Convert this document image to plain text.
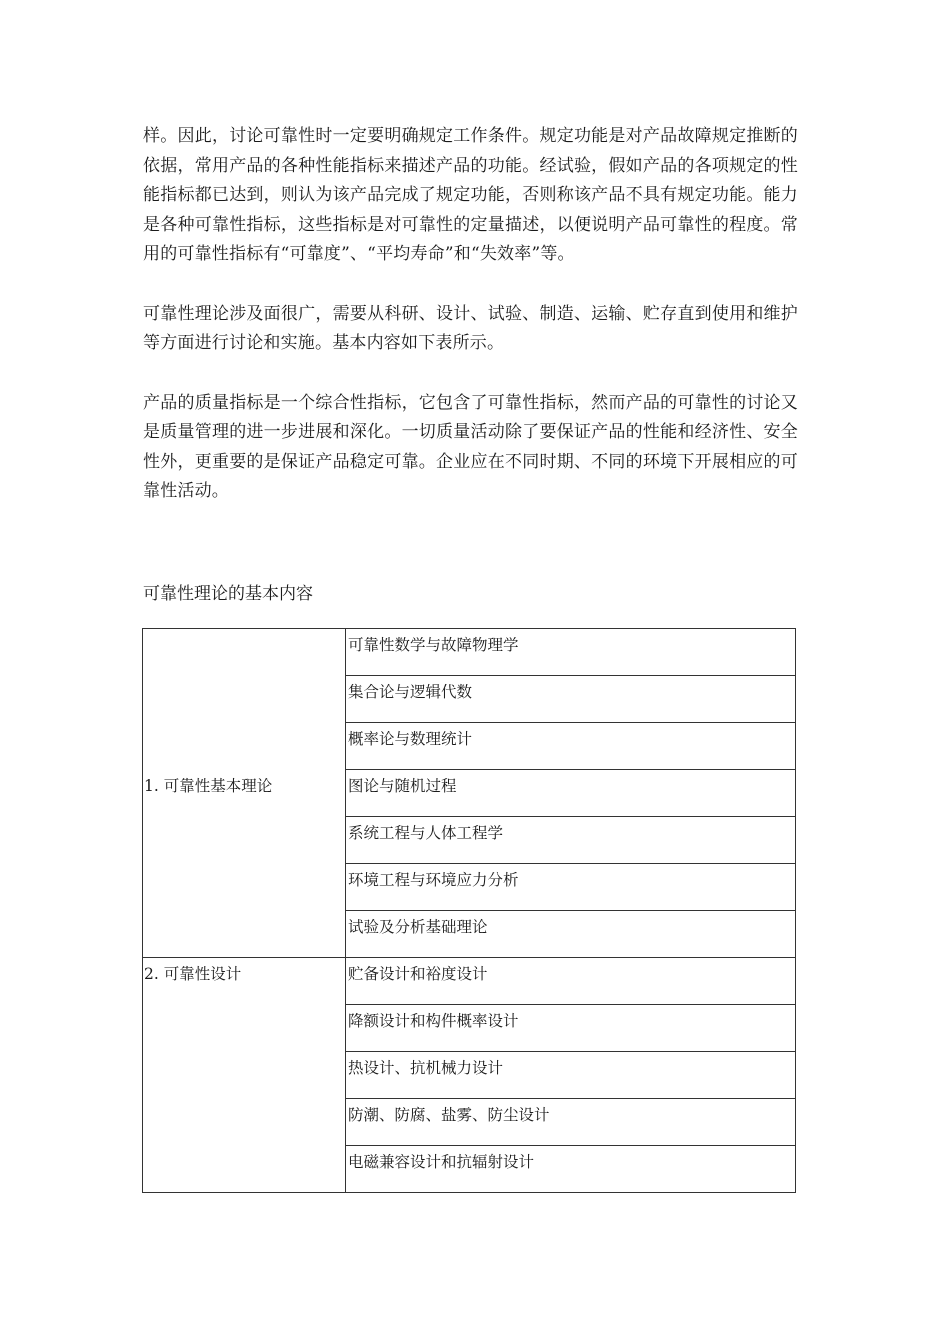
样。因此，讨论可靠性时一定要明确规定工作条件。规定功能是对产品故障规定推断的依据，常用产品的各种性能指标来描述产品的功能。经试验，假如产品的各项规定的性能指标都已达到，则认为该产品完成了规定功能，否则称该产品不具有规定功能。能力是各种可靠性指标，这些指标是对可靠性的定量描述，以便说明产品可靠性的程度。常用的可靠性指标有“可靠度”、“平均寿命”和“失效率”等。

可靠性理论涉及面很广，需要从科研、设计、试验、制造、运输、贮存直到使用和维护等方面进行讨论和实施。基本内容如下表所示。

产品的质量指标是一个综合性指标，它包含了可靠性指标，然而产品的可靠性的讨论又是质量管理的进一步进展和深化。一切质量活动除了要保证产品的性能和经济性、安全性外，更重要的是保证产品稳定可靠。企业应在不同时期、不同的环境下开展相应的可靠性活动。

可靠性理论的基本内容

1. 可靠性基本理论	可靠性数学与故障物理学
	集合论与逻辑代数
	概率论与数理统计
	图论与随机过程
	系统工程与人体工程学
	环境工程与环境应力分析
	试验及分析基础理论
2. 可靠性设计	贮备设计和裕度设计
	降额设计和构件概率设计
	热设计、抗机械力设计
	防潮、防腐、盐雾、防尘设计
	电磁兼容设计和抗辐射设计
